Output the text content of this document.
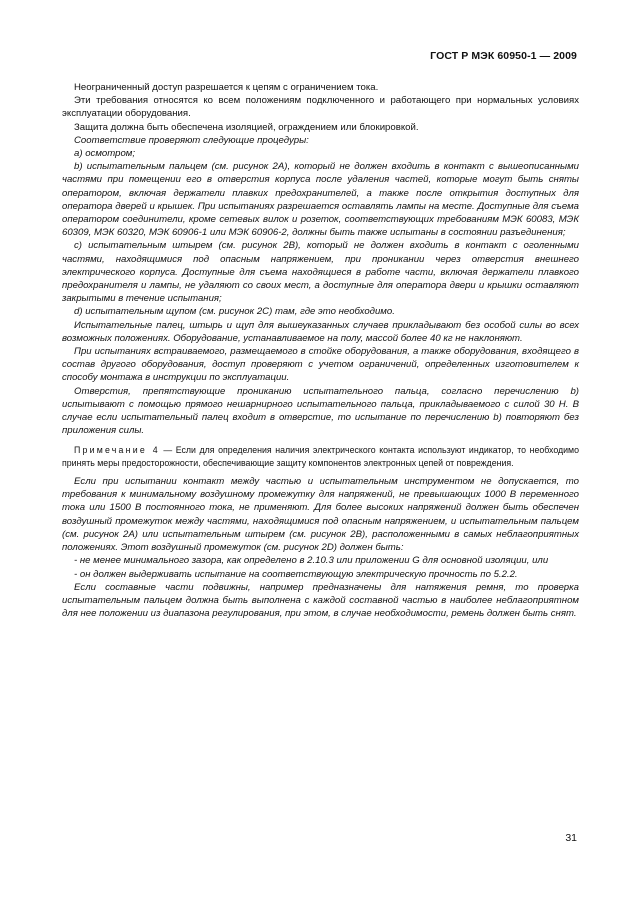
ГОСТ Р МЭК 60950-1 — 2009

Неограниченный доступ разрешается к цепям с ограничением тока.

Эти требования относятся ко всем положениям подключенного и работающего при нормальных условиях эксплуатации оборудования.

Защита должна быть обеспечена изоляцией, ограждением или блокировкой.

Соответствие проверяют следующие процедуры:

а) осмотром;

b) испытательным пальцем (см. рисунок 2А), который не должен входить в контакт с вышеописанными частями при помещении его в отверстия корпуса после удаления частей, которые могут быть сняты оператором, включая держатели плавких предохранителей, а также после открытия доступных для оператора дверей и крышек. При испытаниях разрешается оставлять лампы на месте. Доступные для съема оператором соединители, кроме сетевых вилок и розеток, соответствующих требованиям МЭК 60083, МЭК 60309, МЭК 60320, МЭК 60906-1 или МЭК 60906-2, должны быть также испытаны в состоянии разъединения;

с) испытательным штырем (см. рисунок 2В), который не должен входить в контакт с оголенными частями, находящимися под опасным напряжением, при проникании через отверстия внешнего электрического корпуса. Доступные для съема находящиеся в работе части, включая держатели плавкого предохранителя и лампы, не удаляют со своих мест, а доступные для оператора двери и крышки оставляют закрытыми в течение испытания;

d) испытательным щупом (см. рисунок 2С) там, где это необходимо.

Испытательные палец, штырь и щуп для вышеуказанных случаев прикладывают без особой силы во всех возможных положениях. Оборудование, устанавливаемое на полу, массой более 40 кг не наклоняют.

При испытаниях встраиваемого, размещаемого в стойке оборудования, а также оборудования, входящего в состав другого оборудования, доступ проверяют с учетом ограничений, определенных изготовителем к способу монтажа в инструкции по эксплуатации.

Отверстия, препятствующие прониканию испытательного пальца, согласно перечислению b) испытывают с помощью прямого нешарнирного испытательного пальца, прикладываемого с силой 30 Н. В случае если испытательный палец входит в отверстие, то испытание по перечислению b) повторяют без приложения силы.

Примечание 4 — Если для определения наличия электрического контакта используют индикатор, то необходимо принять меры предосторожности, обеспечивающие защиту компонентов электронных цепей от повреждения.

Если при испытании контакт между частью и испытательным инструментом не допускается, то требования к минимальному воздушному промежутку для напряжений, не превышающих 1000 В переменного тока или 1500 В постоянного тока, не применяют. Для более высоких напряжений должен быть обеспечен воздушный промежуток между частями, находящимися под опасным напряжением, и испытательным пальцем (см. рисунок 2А) или испытательным штырем (см. рисунок 2В), расположенными в самых неблагоприятных положениях. Этот воздушный промежуток (см. рисунок 2D) должен быть:

- не менее минимального зазора, как определено в 2.10.3 или приложении G для основной изоляции, или

- он должен выдерживать испытание на соответствующую электрическую прочность по 5.2.2.

Если составные части подвижны, например предназначены для натяжения ремня, то проверка испытательным пальцем должна быть выполнена с каждой составной частью в наиболее неблагоприятном для нее положении из диапазона регулирования, при этом, в случае необходимости, ремень должен быть снят.

31
